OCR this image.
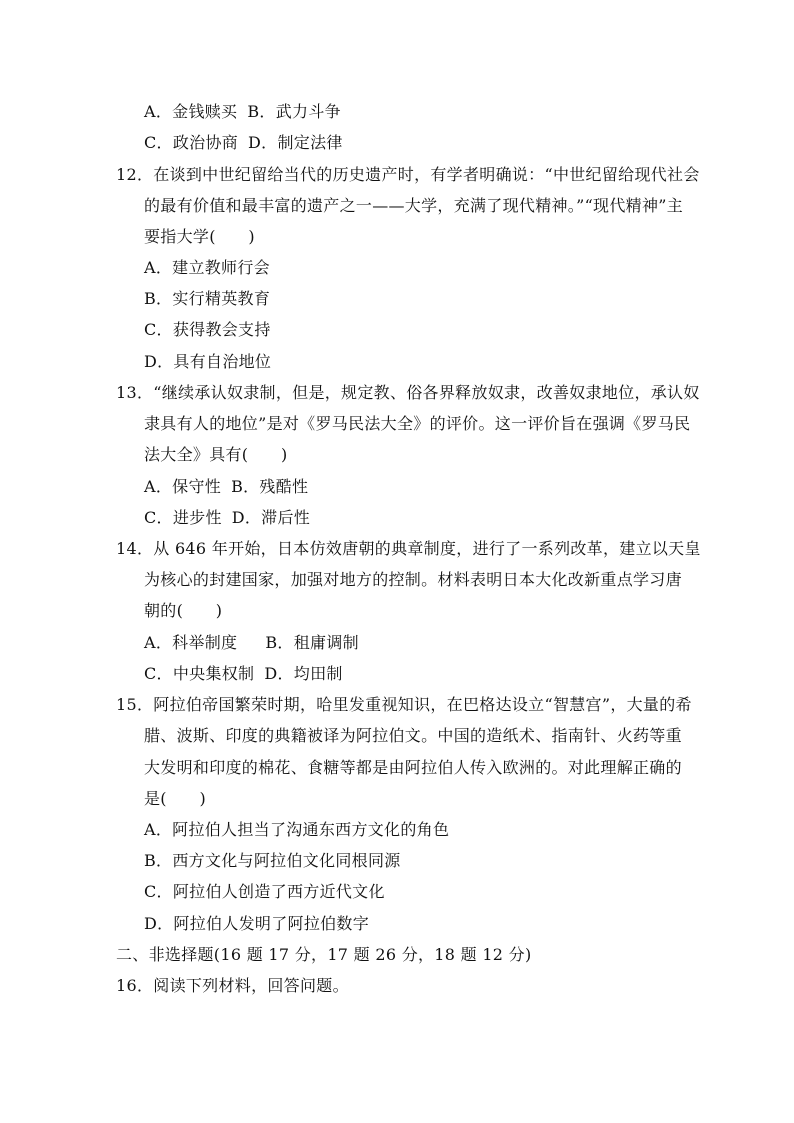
A．金钱赎买 B．武力斗争
C．政治协商 D．制定法律
12．在谈到中世纪留给当代的历史遗产时，有学者明确说：“中世纪留给现代社会
的最有价值和最丰富的遗产之一——大学，充满了现代精神。”“现代精神”主
要指大学(　　)
A．建立教师行会
B．实行精英教育
C．获得教会支持
D．具有自治地位
13．“继续承认奴隶制，但是，规定教、俗各界释放奴隶，改善奴隶地位，承认奴
隶具有人的地位”是对《罗马民法大全》的评价。这一评价旨在强调《罗马民
法大全》具有(　　)
A．保守性 B．残酷性
C．进步性 D．滞后性
14．从 646 年开始，日本仿效唐朝的典章制度，进行了一系列改革，建立以天皇
为核心的封建国家，加强对地方的控制。材料表明日本大化改新重点学习唐
朝的(　　)
A．科举制度 B．租庸调制
C．中央集权制 D．均田制
15．阿拉伯帝国繁荣时期，哈里发重视知识，在巴格达设立“智慧宫”，大量的希
腊、波斯、印度的典籍被译为阿拉伯文。中国的造纸术、指南针、火药等重
大发明和印度的棉花、食糖等都是由阿拉伯人传入欧洲的。对此理解正确的
是(　　)
A．阿拉伯人担当了沟通东西方文化的角色
B．西方文化与阿拉伯文化同根同源
C．阿拉伯人创造了西方近代文化
D．阿拉伯人发明了阿拉伯数字
二、非选择题(16 题 17 分，17 题 26 分，18 题 12 分)
16．阅读下列材料，回答问题。
